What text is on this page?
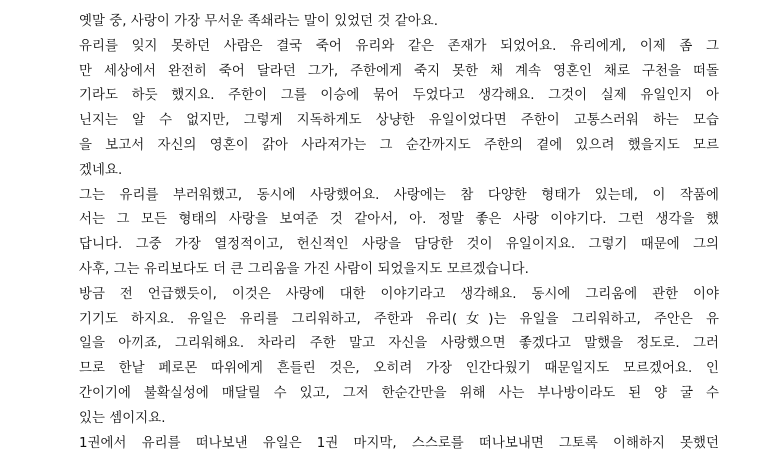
옛말 중, 사랑이 가장 무서운 족쇄라는 말이 있었던 것 같아요.
유리를 잊지 못하던 사람은 결국 죽어 유리와 같은 존재가 되었어요. 유리에게, 이제 좀 그
만 세상에서 완전히 죽어 달라던 그가, 주한에게 죽지 못한 채 계속 영혼인 채로 구천을 떠돌
기라도 하듯 했지요. 주한이 그를 이승에 묶어 두었다고 생각해요. 그것이 실제 유일인지 아
닌지는 알 수 없지만, 그렇게 지독하게도 상냥한 유일이었다면 주한이 고통스러워 하는 모습
을 보고서 자신의 영혼이 갉아 사라져가는 그 순간까지도 주한의 곁에 있으려 했을지도 모르
겠네요.
그는 유리를 부러워했고, 동시에 사랑했어요. 사랑에는 참 다양한 형태가 있는데, 이 작품에
서는 그 모든 형태의 사랑을 보여준 것 같아서, 아. 정말 좋은 사랑 이야기다. 그런 생각을 했
답니다. 그중 가장 열정적이고, 헌신적인 사랑을 담당한 것이 유일이지요. 그렇기 때문에 그의
사후, 그는 유리보다도 더 큰 그리움을 가진 사람이 되었을지도 모르겠습니다.
방금 전 언급했듯이, 이것은 사랑에 대한 이야기라고 생각해요. 동시에 그리움에 관한 이야
기기도 하지요. 유일은 유리를 그리워하고, 주한과 유리(女)는 유일을 그리워하고, 주안은 유
일을 아끼죠, 그리워해요. 차라리 주한 말고 자신을 사랑했으면 좋겠다고 말했을 정도로. 그러
므로 한낱 페로몬 따위에게 흔들린 것은, 오히려 가장 인간다웠기 때문일지도 모르겠어요. 인
간이기에 불확실성에 매달릴 수 있고, 그저 한순간만을 위해 사는 부나방이라도 된 양 굴 수
있는 셈이지요.
1권에서 유리를 떠나보낸 유일은 1권 마지막, 스스로를 떠나보내면 그토록 이해하지 못했던
